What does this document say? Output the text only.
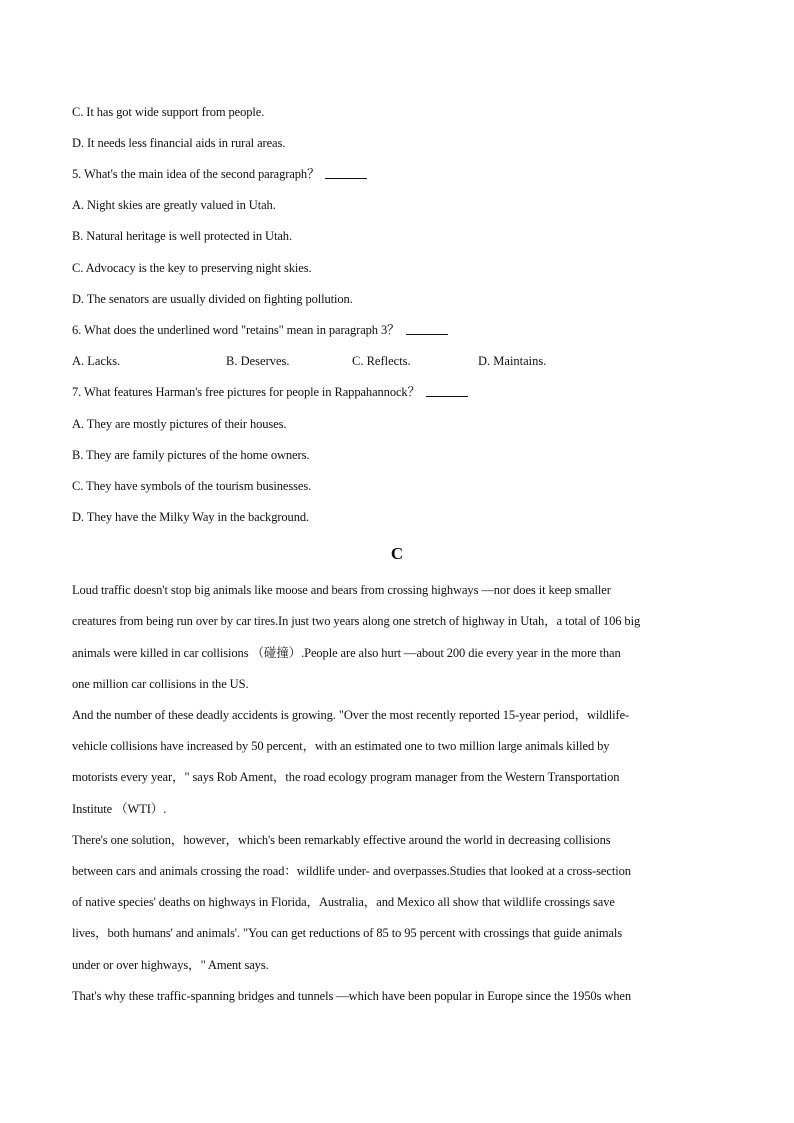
C. It has got wide support from people.
D. It needs less financial aids in rural areas.
5. What's the main idea of the second paragraph？
A. Night skies are greatly valued in Utah.
B. Natural heritage is well protected in Utah.
C. Advocacy is the key to preserving night skies.
D. The senators are usually divided on fighting pollution.
6. What does the underlined word "retains" mean in paragraph 3？
A. Lacks.	B. Deserves.	C. Reflects.	D. Maintains.
7. What features Harman's free pictures for people in Rappahannock？
A. They are mostly pictures of their houses.
B. They are family pictures of the home owners.
C. They have symbols of the tourism businesses.
D. They have the Milky Way in the background.
C
Loud traffic doesn't stop big animals like moose and bears from crossing highways —nor does it keep smaller
creatures from being run over by car tires.In just two years along one stretch of highway in Utah，a total of 106 big
animals were killed in car collisions （碰撞）.People are also hurt —about 200 die every year in the more than
one million car collisions in the US.
And the number of these deadly accidents is growing. "Over the most recently reported 15-year period，wildlife-
vehicle collisions have increased by 50 percent，with an estimated one to two million large animals killed by
motorists every year，" says Rob Ament，the road ecology program manager from the Western Transportation
Institute （WTI）.
There's one solution，however，which's been remarkably effective around the world in decreasing collisions
between cars and animals crossing the road：wildlife under- and overpasses.Studies that looked at a cross-section
of native species' deaths on highways in Florida，Australia，and Mexico all show that wildlife crossings save
lives，both humans' and animals'. "You can get reductions of 85 to 95 percent with crossings that guide animals
under or over highways，" Ament says.
That's why these traffic-spanning bridges and tunnels —which have been popular in Europe since the 1950s when
